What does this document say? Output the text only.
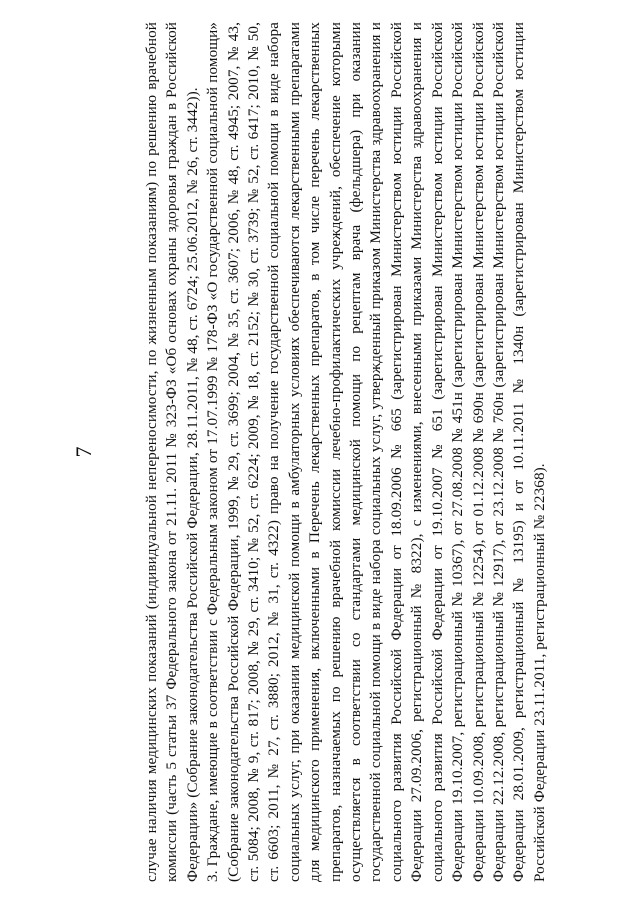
7	случае наличия медицинских показаний (индивидуальной непереносимости, по жизненным показаниям) по решению врачебной комиссии (часть 5 статьи 37 Федерального закона от 21.11. 2011 № 323-ФЗ «Об основах охраны здоровья граждан в Российской Федерации» (Собрание законодательства Российской Федерации, 28.11.2011, № 48, ст. 6724; 25.06.2012, № 26, ст. 3442)). 3. Граждане, имеющие в соответствии с Федеральным законом от 17.07.1999 № 178-ФЗ «О государственной социальной помощи» (Собрание законодательства Российской Федерации, 1999, № 29, ст. 3699; 2004, № 35, ст. 3607; 2006, № 48, ст. 4945; 2007, № 43, ст. 5084; 2008, № 9, ст. 817; 2008, № 29, ст. 3410; № 52, ст. 6224; 2009, № 18, ст. 2152; № 30, ст. 3739; № 52, ст. 6417; 2010, № 50, ст. 6603; 2011, № 27, ст. 3880; 2012, № 31, ст. 4322) право на получение государственной социальной помощи в виде набора социальных услуг, при оказании медицинской помощи в амбулаторных условиях обеспечиваются лекарственными препаратами для медицинского применения, включенными в Перечень лекарственных препаратов, в том числе перечень лекарственных препаратов, назначаемых по решению врачебной комиссии лечебно-профилактических учреждений, обеспечение которыми осуществляется в соответствии со стандартами медицинской помощи по рецептам врача (фельдшера) при оказании государственной социальной помощи в виде набора социальных услуг, утвержденный приказом Министерства здравоохранения и социального развития Российской Федерации от 18.09.2006 № 665 (зарегистрирован Министерством юстиции Российской Федерации 27.09.2006, регистрационный № 8322), с изменениями, внесенными приказами Министерства здравоохранения и социального развития Российской Федерации от 19.10.2007 № 651 (зарегистрирован Министерством юстиции Российской Федерации 19.10.2007, регистрационный № 10367), от 27.08.2008 № 451н (зарегистрирован Министерством юстиции Российской Федерации 10.09.2008, регистрационный № 12254), от 01.12.2008 № 690н (зарегистрирован Министерством юстиции Российской Федерации 22.12.2008, регистрационный № 12917), от 23.12.2008 № 760н (зарегистрирован Министерством юстиции Российской Федерации 28.01.2009, регистрационный № 13195) и от 10.11.2011 № 1340н (зарегистрирован Министерством юстиции Российской Федерации 23.11.2011, регистрационный № 22368).
